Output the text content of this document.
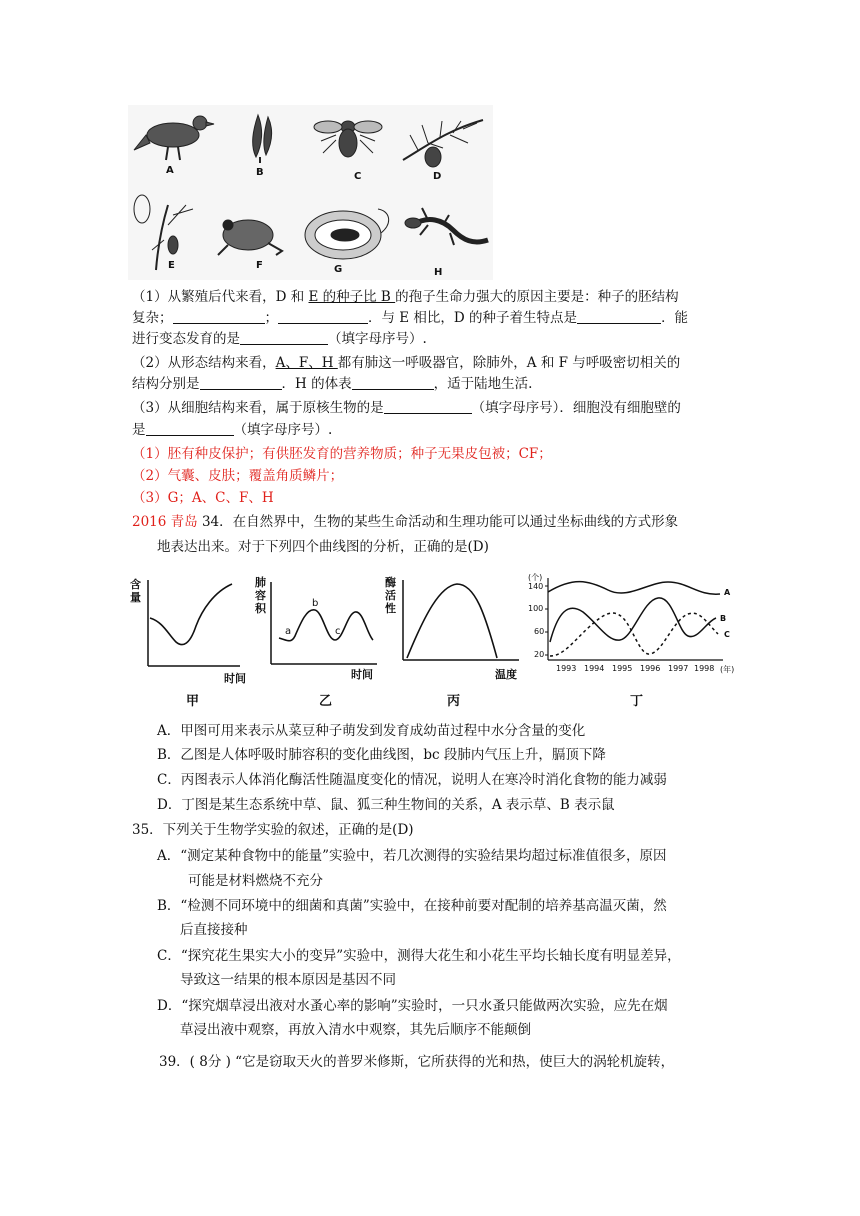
A	B	C	D
E	F	G	H
（1）从繁殖后代来看，D 和 E 的种子比 B 的孢子生命力强大的原因主要是：种子的胚结构
复杂；	；	．与 E 相比，D 的种子着生特点是	．能
进行变态发育的是	（填字母序号）.
（2）从形态结构来看，A、F、H 都有肺这一呼吸器官，除肺外，A 和 F 与呼吸密切相关的
结构分别是	．H 的体表	，适于陆地生活.
（3）从细胞结构来看，属于原核生物的是	（填字母序号）．细胞没有细胞壁的
是	（填字母序号）.
（1）胚有种皮保护；有供胚发育的营养物质；种子无果皮包被；CF；
（2）气囊、皮肤；覆盖角质鳞片；
（3）G；A、C、F、H
2016 青岛 34．在自然界中，生物的某些生命活动和生理功能可以通过坐标曲线的方式形象
地表达出来。对于下列四个曲线图的分析，正确的是(D)
含量
时间
甲
肺容积
a
b
c
时间
乙
酶活性
温度
丙
(个)
140
100
60
20
A
B
C
1993 1994 1995 1996 1997 1998 (年)
丁
A．甲图可用来表示从菜豆种子萌发到发育成幼苗过程中水分含量的变化
B．乙图是人体呼吸时肺容积的变化曲线图，bc 段肺内气压上升，膈顶下降
C．丙图表示人体消化酶活性随温度变化的情况，说明人在寒冷时消化食物的能力减弱
D．丁图是某生态系统中草、鼠、狐三种生物间的关系，A 表示草、B 表示鼠
35．下列关于生物学实验的叙述，正确的是(D)
A．“测定某种食物中的能量”实验中，若几次测得的实验结果均超过标准值很多，原因
可能是材料燃烧不充分
B．“检测不同环境中的细菌和真菌”实验中，在接种前要对配制的培养基高温灭菌，然
后直接接种
C．“探究花生果实大小的变异”实验中，测得大花生和小花生平均长轴长度有明显差异，
导致这一结果的根本原因是基因不同
D．“探究烟草浸出液对水蚤心率的影响”实验时，一只水蚤只能做两次实验，应先在烟
草浸出液中观察，再放入清水中观察，其先后顺序不能颠倒
39．( 8分 ) “它是窃取天火的普罗米修斯，它所获得的光和热，使巨大的涡轮机旋转，
